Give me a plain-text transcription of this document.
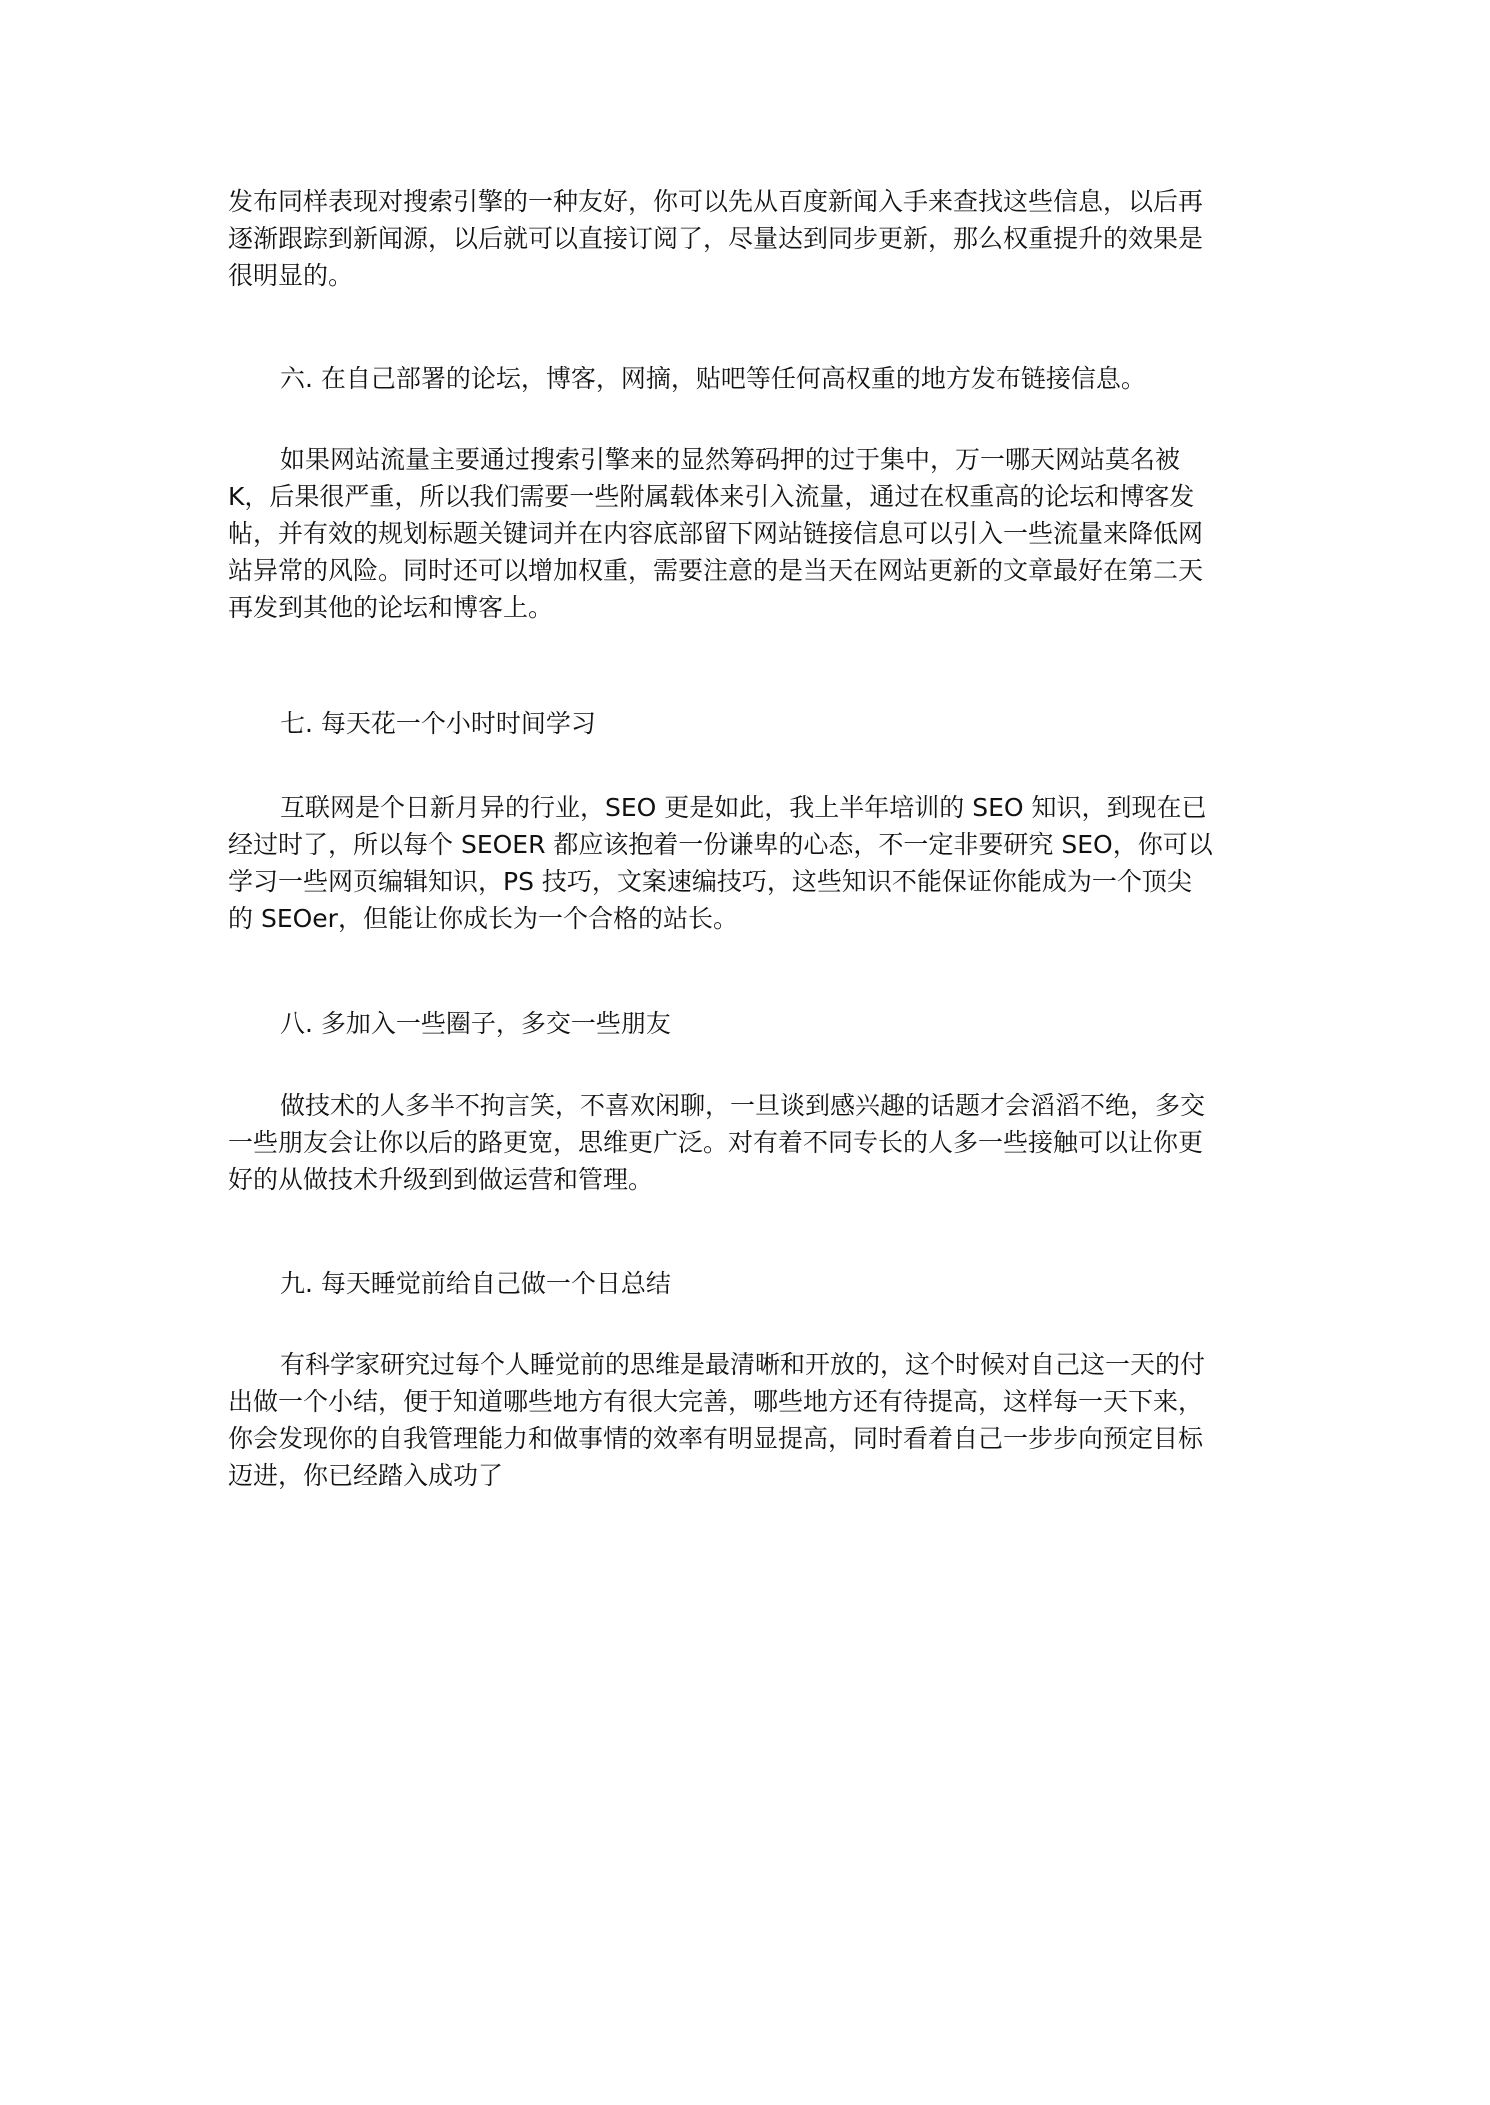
发布同样表现对搜索引擎的一种友好，你可以先从百度新闻入手来查找这些信息，以后再
逐渐跟踪到新闻源，以后就可以直接订阅了，尽量达到同步更新，那么权重提升的效果是
很明显的。
六. 在自己部署的论坛，博客，网摘，贴吧等任何高权重的地方发布链接信息。
如果网站流量主要通过搜索引擎来的显然筹码押的过于集中，万一哪天网站莫名被
K，后果很严重，所以我们需要一些附属载体来引入流量，通过在权重高的论坛和博客发
帖，并有效的规划标题关键词并在内容底部留下网站链接信息可以引入一些流量来降低网
站异常的风险。同时还可以增加权重，需要注意的是当天在网站更新的文章最好在第二天
再发到其他的论坛和博客上。
七. 每天花一个小时时间学习
互联网是个日新月异的行业，SEO 更是如此，我上半年培训的 SEO 知识，到现在已
经过时了，所以每个 SEOER 都应该抱着一份谦卑的心态，不一定非要研究 SEO，你可以
学习一些网页编辑知识，PS 技巧，文案速编技巧，这些知识不能保证你能成为一个顶尖
的 SEOer，但能让你成长为一个合格的站长。
八. 多加入一些圈子，多交一些朋友
做技术的人多半不拘言笑，不喜欢闲聊，一旦谈到感兴趣的话题才会滔滔不绝，多交
一些朋友会让你以后的路更宽，思维更广泛。对有着不同专长的人多一些接触可以让你更
好的从做技术升级到到做运营和管理。
九. 每天睡觉前给自己做一个日总结
有科学家研究过每个人睡觉前的思维是最清晰和开放的，这个时候对自己这一天的付
出做一个小结，便于知道哪些地方有很大完善，哪些地方还有待提高，这样每一天下来，
你会发现你的自我管理能力和做事情的效率有明显提高，同时看着自己一步步向预定目标
迈进，你已经踏入成功了
